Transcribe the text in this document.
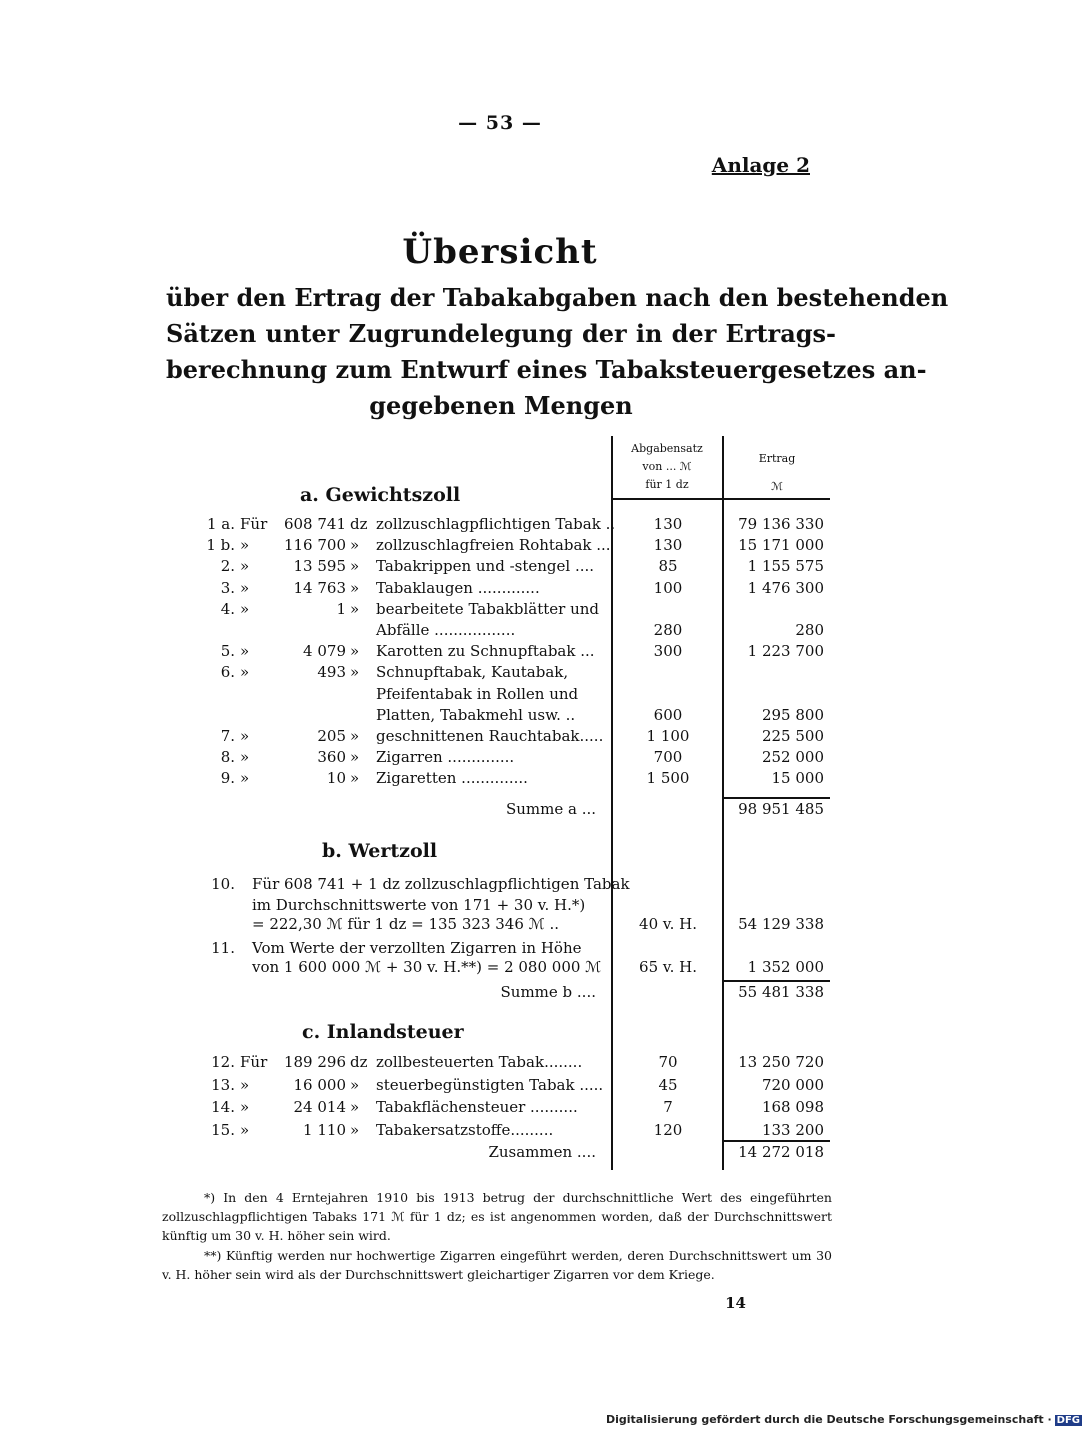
— 53 —
Anlage 2
Übersicht
über den Ertrag der Tabakabgaben nach den bestehenden
Sätzen unter Zugrundelegung der in der Ertrags-
berechnung zum Entwurf eines Tabaksteuergesetzes an-
gegebenen Mengen
Abgabensatz
von ... ℳ
für 1 dz
Ertrag
ℳ
a. Gewichtszoll
1 a. Für	608 741 dz zollzuschlagpflichtigen Tabak ..	130	79 136 330
1 b. »	116 700 »	zollzuschlagfreien Rohtabak ...	130	15 171 000
2. »	13 595 »	Tabakrippen und -stengel ....	85	1 155 575
3. »	14 763 »	Tabaklaugen .............	100	1 476 300
4. »	1 »	bearbeitete Tabakblätter und
Abfälle .................	280	280
5. »	4 079 »	Karotten zu Schnupftabak ...	300	1 223 700
6. »	493 »	Schnupftabak, Kautabak,
Pfeifentabak in Rollen und
Platten, Tabakmehl usw. ..	600	295 800
7. »	205 »	geschnittenen Rauchtabak.....	1 100	225 500
8. »	360 »	Zigarren ..............	700	252 000
9. »	10 »	Zigaretten ..............	1 500	15 000
Summe a ...	98 951 485
b. Wertzoll
10. Für 608 741 + 1 dz zollzuschlagpflichtigen Tabak
im Durchschnittswerte von 171 + 30 v. H.*)
= 222,30 ℳ für 1 dz = 135 323 346 ℳ ..	40 v. H.	54 129 338
11. Vom Werte der verzollten Zigarren in Höhe
von 1 600 000 ℳ + 30 v. H.**) = 2 080 000 ℳ	65 v. H.	1 352 000
Summe b ....	55 481 338
c. Inlandsteuer
12. Für	189 296 dz zollbesteuerten Tabak........	70	13 250 720
13. »	16 000 »	steuerbegünstigten Tabak .....	45	720 000
14. »	24 014 »	Tabakflächensteuer ..........	7	168 098
15. »	1 110 »	Tabakersatzstoffe.........	120	133 200
Zusammen ....	14 272 018
*) In den 4 Erntejahren 1910 bis 1913 betrug der durchschnittliche Wert des eingeführten zollzuschlagpflichtigen Tabaks 171 ℳ für 1 dz; es ist angenommen worden, daß der Durchschnittswert künftig um 30 v. H. höher sein wird.
**) Künftig werden nur hochwertige Zigarren eingeführt werden, deren Durchschnittswert um 30 v. H. höher sein wird als der Durchschnittswert gleichartiger Zigarren vor dem Kriege.
14
Digitalisierung gefördert durch die Deutsche Forschungsgemeinschaft · DFG
